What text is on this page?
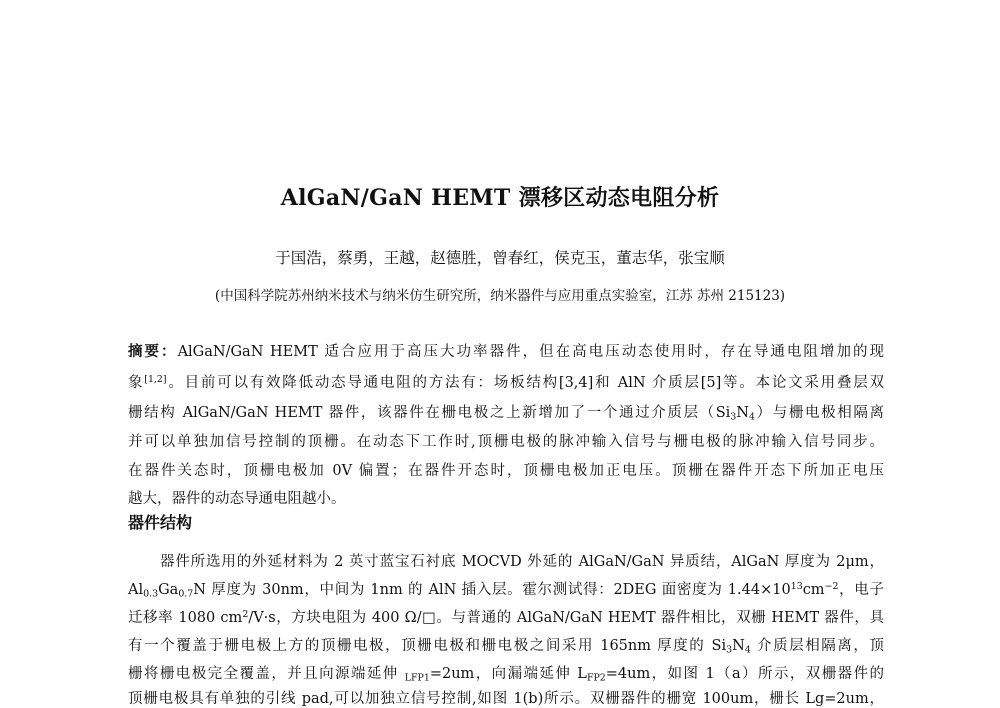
AlGaN/GaN HEMT 漂移区动态电阻分析
于国浩，蔡勇，王越，赵德胜，曾春红，侯克玉，董志华，张宝顺
(中国科学院苏州纳米技术与纳米仿生研究所，纳米器件与应用重点实验室，江苏 苏州 215123)
摘要：AlGaN/GaN HEMT 适合应用于高压大功率器件，但在高电压动态使用时，存在导通电阻增加的现
象[1,2]。目前可以有效降低动态导通电阻的方法有：场板结构[3,4]和 AlN 介质层[5]等。本论文采用叠层双
栅结构 AlGaN/GaN HEMT 器件，该器件在栅电极之上新增加了一个通过介质层$(Si_3N_4)$与栅电极相隔离
并可以单独加信号控制的顶栅。在动态下工作时,顶栅电极的脉冲输入信号与栅电极的脉冲输入信号同步。
在器件关态时，顶栅电极加 0V 偏置；在器件开态时，顶栅电极加正电压。顶栅在器件开态下所加正电压
越大，器件的动态导通电阻越小。
器件结构
器件所选用的外延材料为 2 英寸蓝宝石衬底 MOCVD 外延的 AlGaN/GaN 异质结，AlGaN 厚度为 2μm，
$Al_{0.3}Ga_{0.7}N$ 厚度为 30nm，中间为 1nm 的 AlN 插入层。霍尔测试得：2DEG 面密度为 $1.44\times 10^{13}cm^{-2}$，电子
迁移率 1080 $cm^2/V\cdot s$，方块电阻为 400 Ω/□。与普通的 AlGaN/GaN HEMT 器件相比，双栅 HEMT 器件，具
有一个覆盖于栅电极上方的顶栅电极，顶栅电极和栅电极之间采用 165nm 厚度的 $Si_3N_4$ 介质层相隔离，顶
栅将栅电极完全覆盖，并且向源端延伸 $_{LFP1}$=2um，向漏端延伸 $L_{FP2}=4um$，如图 1（a）所示，双栅器件的
顶栅电极具有单独的引线 pad,可以加独立信号控制,如图 1(b)所示。双栅器件的栅宽 100um，栅长 Lg=2um，
